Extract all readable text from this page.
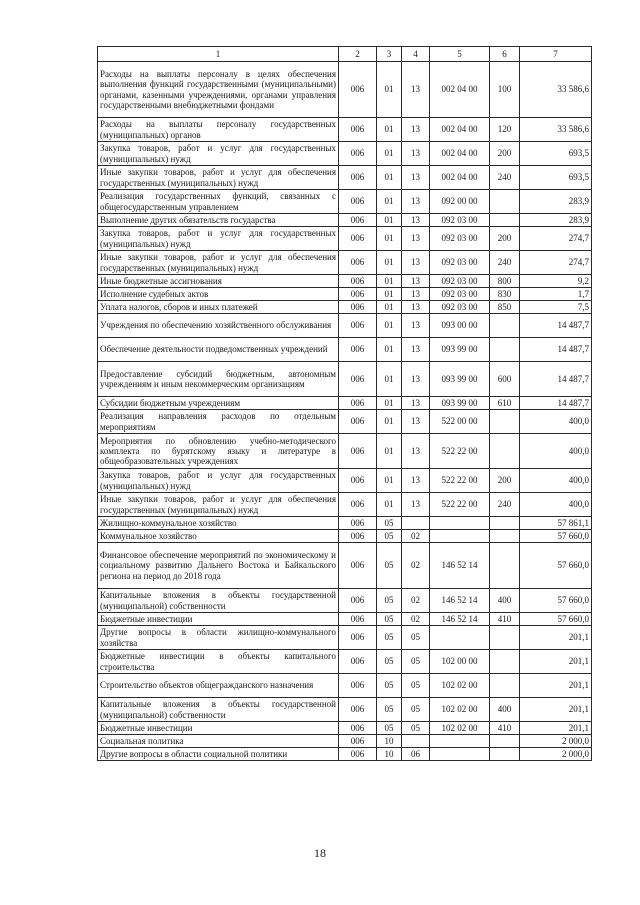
1	2	3	4	5	6	7
Расходы на выплаты персоналу в целях обеспечения выполнения функций государственными (муниципальными) органами, казенными учреждениями, органами управления государственными внебюджетными фондами	006	01	13	002 04 00	100	33 586,6
Расходы на выплаты персоналу государственных (муниципальных) органов	006	01	13	002 04 00	120	33 586,6
Закупка товаров, работ и услуг для государственных (муниципальных) нужд	006	01	13	002 04 00	200	693,5
Иные закупки товаров, работ и услуг для обеспечения государственных (муниципальных) нужд	006	01	13	002 04 00	240	693,5
Реализация государственных функций, связанных с общегосударственным управлением	006	01	13	092 00 00		283,9
Выполнение других обязательств государства	006	01	13	092 03 00		283,9
Закупка товаров, работ и услуг для государственных (муниципальных) нужд	006	01	13	092 03 00	200	274,7
Иные закупки товаров, работ и услуг для обеспечения государственных (муниципальных) нужд	006	01	13	092 03 00	240	274,7
Иные бюджетные ассигнования	006	01	13	092 03 00	800	9,2
Исполнение судебных актов	006	01	13	092 03 00	830	1,7
Уплата налогов, сборов и иных платежей	006	01	13	092 03 00	850	7,5
Учреждения по обеспечению хозяйственного обслуживания	006	01	13	093 00 00		14 487,7
Обеспечение деятельности подведомственных учреждений	006	01	13	093 99 00		14 487,7
Предоставление субсидий бюджетным, автономным учреждениям и иным некоммерческим организациям	006	01	13	093 99 00	600	14 487,7
Субсидии бюджетным учреждениям	006	01	13	093 99 00	610	14 487,7
Реализация направления расходов по отдельным мероприятиям	006	01	13	522 00 00		400,0
Мероприятия по обновлению учебно-методического комплекта по бурятскому языку и литературе в общеобразовательных учреждениях	006	01	13	522 22 00		400,0
Закупка товаров, работ и услуг для государственных (муниципальных) нужд	006	01	13	522 22 00	200	400,0
Иные закупки товаров, работ и услуг для обеспечения государственных (муниципальных) нужд	006	01	13	522 22 00	240	400,0
Жилищно-коммунальное хозяйство	006	05				57 861,1
Коммунальное хозяйство	006	05	02			57 660,0
Финансовое обеспечение мероприятий по экономическому и социальному развитию Дальнего Востока и Байкальского региона на период до 2018 года	006	05	02	146 52 14		57 660,0
Капитальные вложения в объекты государственной (муниципальной) собственности	006	05	02	146 52 14	400	57 660,0
Бюджетные инвестиции	006	05	02	146 52 14	410	57 660,0
Другие вопросы в области жилищно-коммунального хозяйства	006	05	05			201,1
Бюджетные инвестиции в объекты капитального строительства	006	05	05	102 00 00		201,1
Строительство объектов общегражданского назначения	006	05	05	102 02 00		201,1
Капитальные вложения в объекты государственной (муниципальной) собственности	006	05	05	102 02 00	400	201,1
Бюджетные инвестиции	006	05	05	102 02 00	410	201,1
Социальная политика	006	10				2 000,0
Другие вопросы в области социальной политики	006	10	06			2 000,0
18
